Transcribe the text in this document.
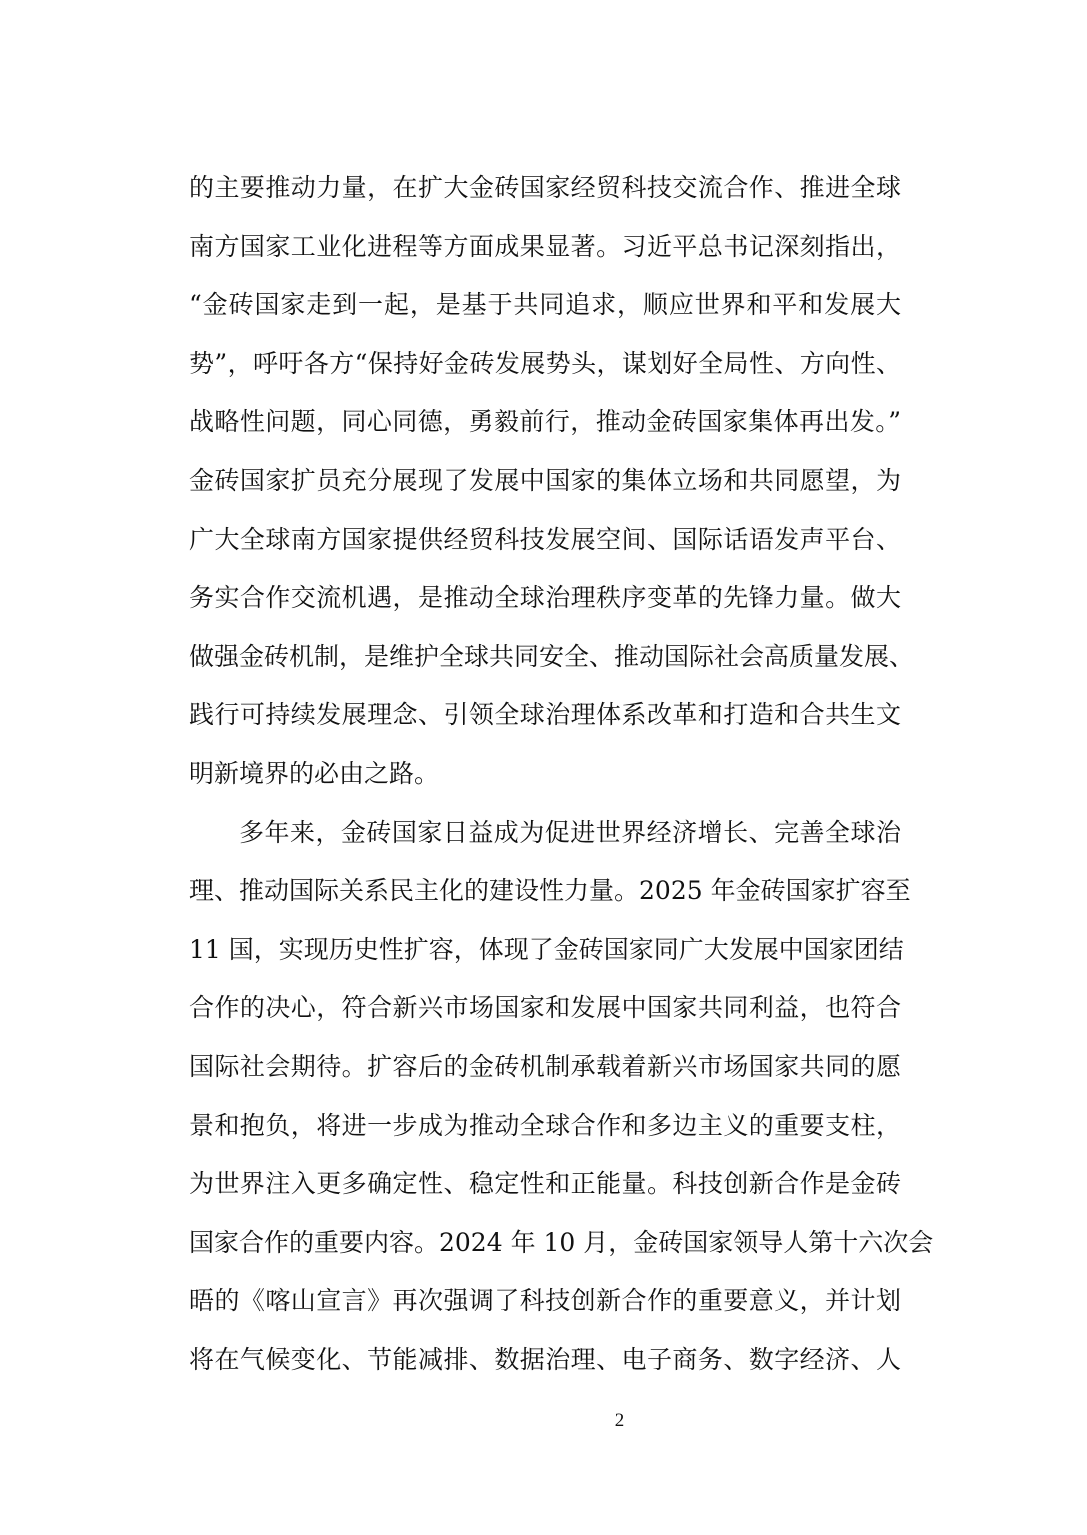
的主要推动力量，在扩大金砖国家经贸科技交流合作、推进全球
南方国家工业化进程等方面成果显著。习近平总书记深刻指出，
“金砖国家走到一起，是基于共同追求，顺应世界和平和发展大
势”，呼吁各方“保持好金砖发展势头，谋划好全局性、方向性、
战略性问题，同心同德，勇毅前行，推动金砖国家集体再出发。”
金砖国家扩员充分展现了发展中国家的集体立场和共同愿望，为
广大全球南方国家提供经贸科技发展空间、国际话语发声平台、
务实合作交流机遇，是推动全球治理秩序变革的先锋力量。做大
做强金砖机制，是维护全球共同安全、推动国际社会高质量发展、
践行可持续发展理念、引领全球治理体系改革和打造和合共生文
明新境界的必由之路。
多年来，金砖国家日益成为促进世界经济增长、完善全球治
理、推动国际关系民主化的建设性力量。2025 年金砖国家扩容至
11 国，实现历史性扩容，体现了金砖国家同广大发展中国家团结
合作的决心，符合新兴市场国家和发展中国家共同利益，也符合
国际社会期待。扩容后的金砖机制承载着新兴市场国家共同的愿
景和抱负，将进一步成为推动全球合作和多边主义的重要支柱，
为世界注入更多确定性、稳定性和正能量。科技创新合作是金砖
国家合作的重要内容。2024 年 10 月，金砖国家领导人第十六次会
晤的《喀山宣言》再次强调了科技创新合作的重要意义，并计划
将在气候变化、节能减排、数据治理、电子商务、数字经济、人
2
